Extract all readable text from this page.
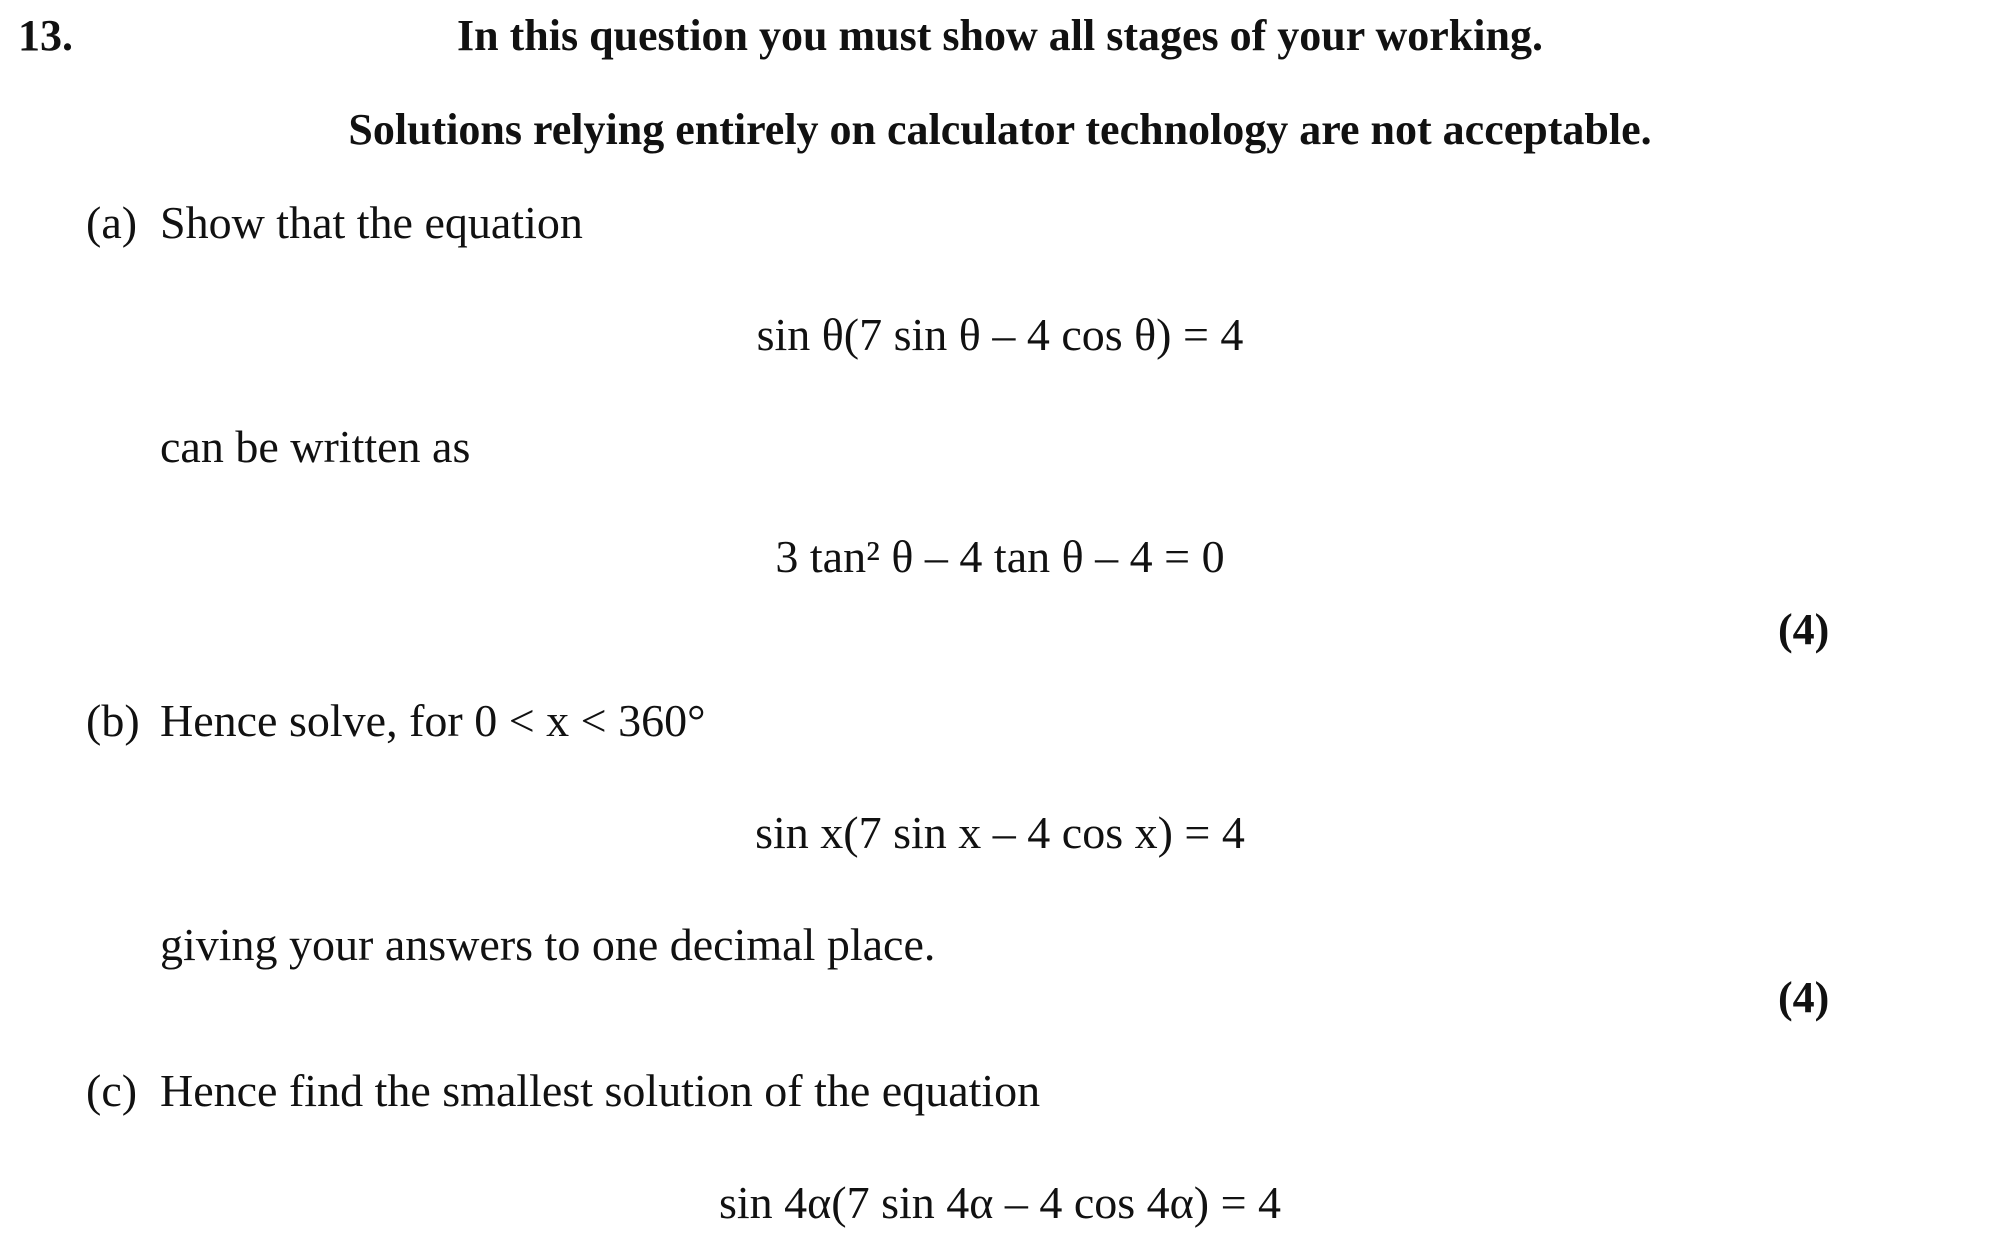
13.	In this question you must show all stages of your working.
Solutions relying entirely on calculator technology are not acceptable.
(a) Show that the equation
sin θ(7 sin θ – 4 cos θ) = 4
can be written as
3 tan² θ – 4 tan θ – 4 = 0
(4)
(b) Hence solve, for 0 < x < 360°
sin x(7 sin x – 4 cos x) = 4
giving your answers to one decimal place.
(4)
(c) Hence find the smallest solution of the equation
sin 4α(7 sin 4α – 4 cos 4α) = 4
